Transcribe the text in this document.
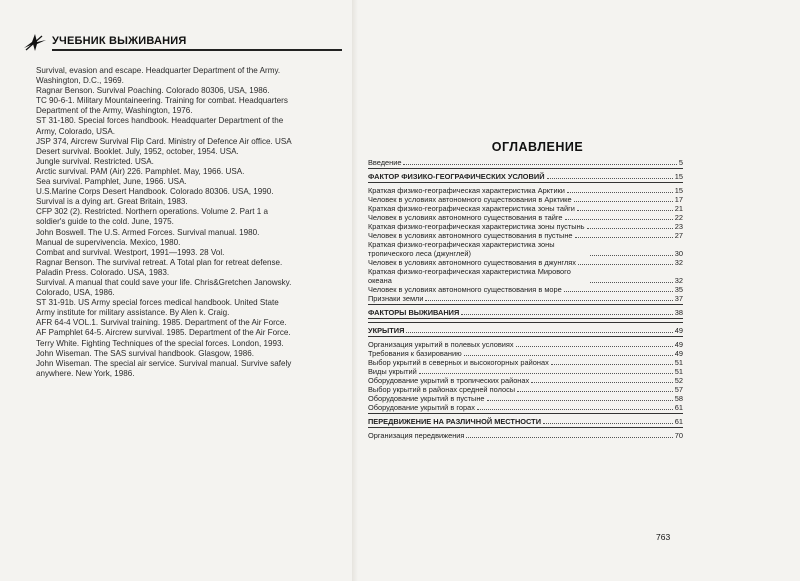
УЧЕБНИК ВЫЖИВАНИЯ
Survival, evasion and escape. Headquarter Department of the Army.
Washington, D.C., 1969.
Ragnar Benson. Survival Poaching. Colorado 80306, USA, 1986.
TC 90-6-1. Military Mountaineering. Training for combat. Headquarters
Department of the Army, Washington, 1976.
ST 31-180. Special forces handbook. Headquarter Department of the
Army, Colorado, USA.
JSP 374, Aircrew Survival Flip Card. Ministry of Defence Air office. USA
Desert survival. Booklet. July, 1952, october, 1954. USA.
Jungle survival. Restricted. USA.
Arctic survival. PAM (Air) 226. Pamphlet. May, 1966. USA.
Sea survival. Pamphlet, June, 1966. USA.
U.S.Marine Corps Desert Handbook. Colorado 80306. USA, 1990.
Survival is a dying art. Great Britain, 1983.
CFP 302 (2). Restricted. Northern operations. Volume 2. Part 1 a
soldier's guide to the cold. June, 1975.
John Boswell. The U.S. Armed Forces. Survival manual. 1980.
Manual de supervivencia. Mexico, 1980.
Combat and survival. Westport, 1991—1993. 28 Vol.
Ragnar Benson. The survival retreat. A Total plan for retreat defense.
Paladin Press. Colorado. USA, 1983.
Survival. A manual that could save your life. Chris&Gretchen Janowsky.
Colorado, USA, 1986.
ST 31-91b. US Army special forces medical handbook. United State
Army institute for military assistance. By Alen k. Craig.
AFR 64-4 VOL.1. Survival training. 1985. Department of the Air Force.
AF Pamphlet 64-5. Aircrew survival. 1985. Department of the Air Force.
Terry White. Fighting Techniques of the special forces. London, 1993.
John Wiseman. The SAS survival handbook. Glasgow, 1986.
John Wiseman. The special air service. Survival manual. Survive safely
anywhere. New York, 1986.
ОГЛАВЛЕНИЕ
Введение	5
ФАКТОР ФИЗИКО-ГЕОГРАФИЧЕСКИХ УСЛОВИЙ	15
Краткая физико-географическая характеристика Арктики	15
Человек в условиях автономного существования в Арктике	17
Краткая физико-географическая характеристика зоны тайги	21
Человек в условиях автономного существования в тайге	22
Краткая физико-географическая характеристика зоны пустынь	23
Человек в условиях автономного существования в пустыне	27
Краткая физико-географическая характеристика зоны тропического леса (джунглей)	30
Человек в условиях автономного существования в джунглях	32
Краткая физико-географическая характеристика Мирового океана	32
Человек в условиях автономного существования в море	35
Признаки земли	37
ФАКТОРЫ ВЫЖИВАНИЯ	38
УКРЫТИЯ	49
Организация укрытий в полевых условиях	49
Требования к базированию	49
Выбор укрытий в северных и высокогорных районах	51
Виды укрытий	51
Оборудование укрытий в тропических районах	52
Выбор укрытий в районах средней полосы	57
Оборудование укрытий в пустыне	58
Оборудование укрытий в горах	61
ПЕРЕДВИЖЕНИЕ НА РАЗЛИЧНОЙ МЕСТНОСТИ	61
Организация передвижения	70
763
